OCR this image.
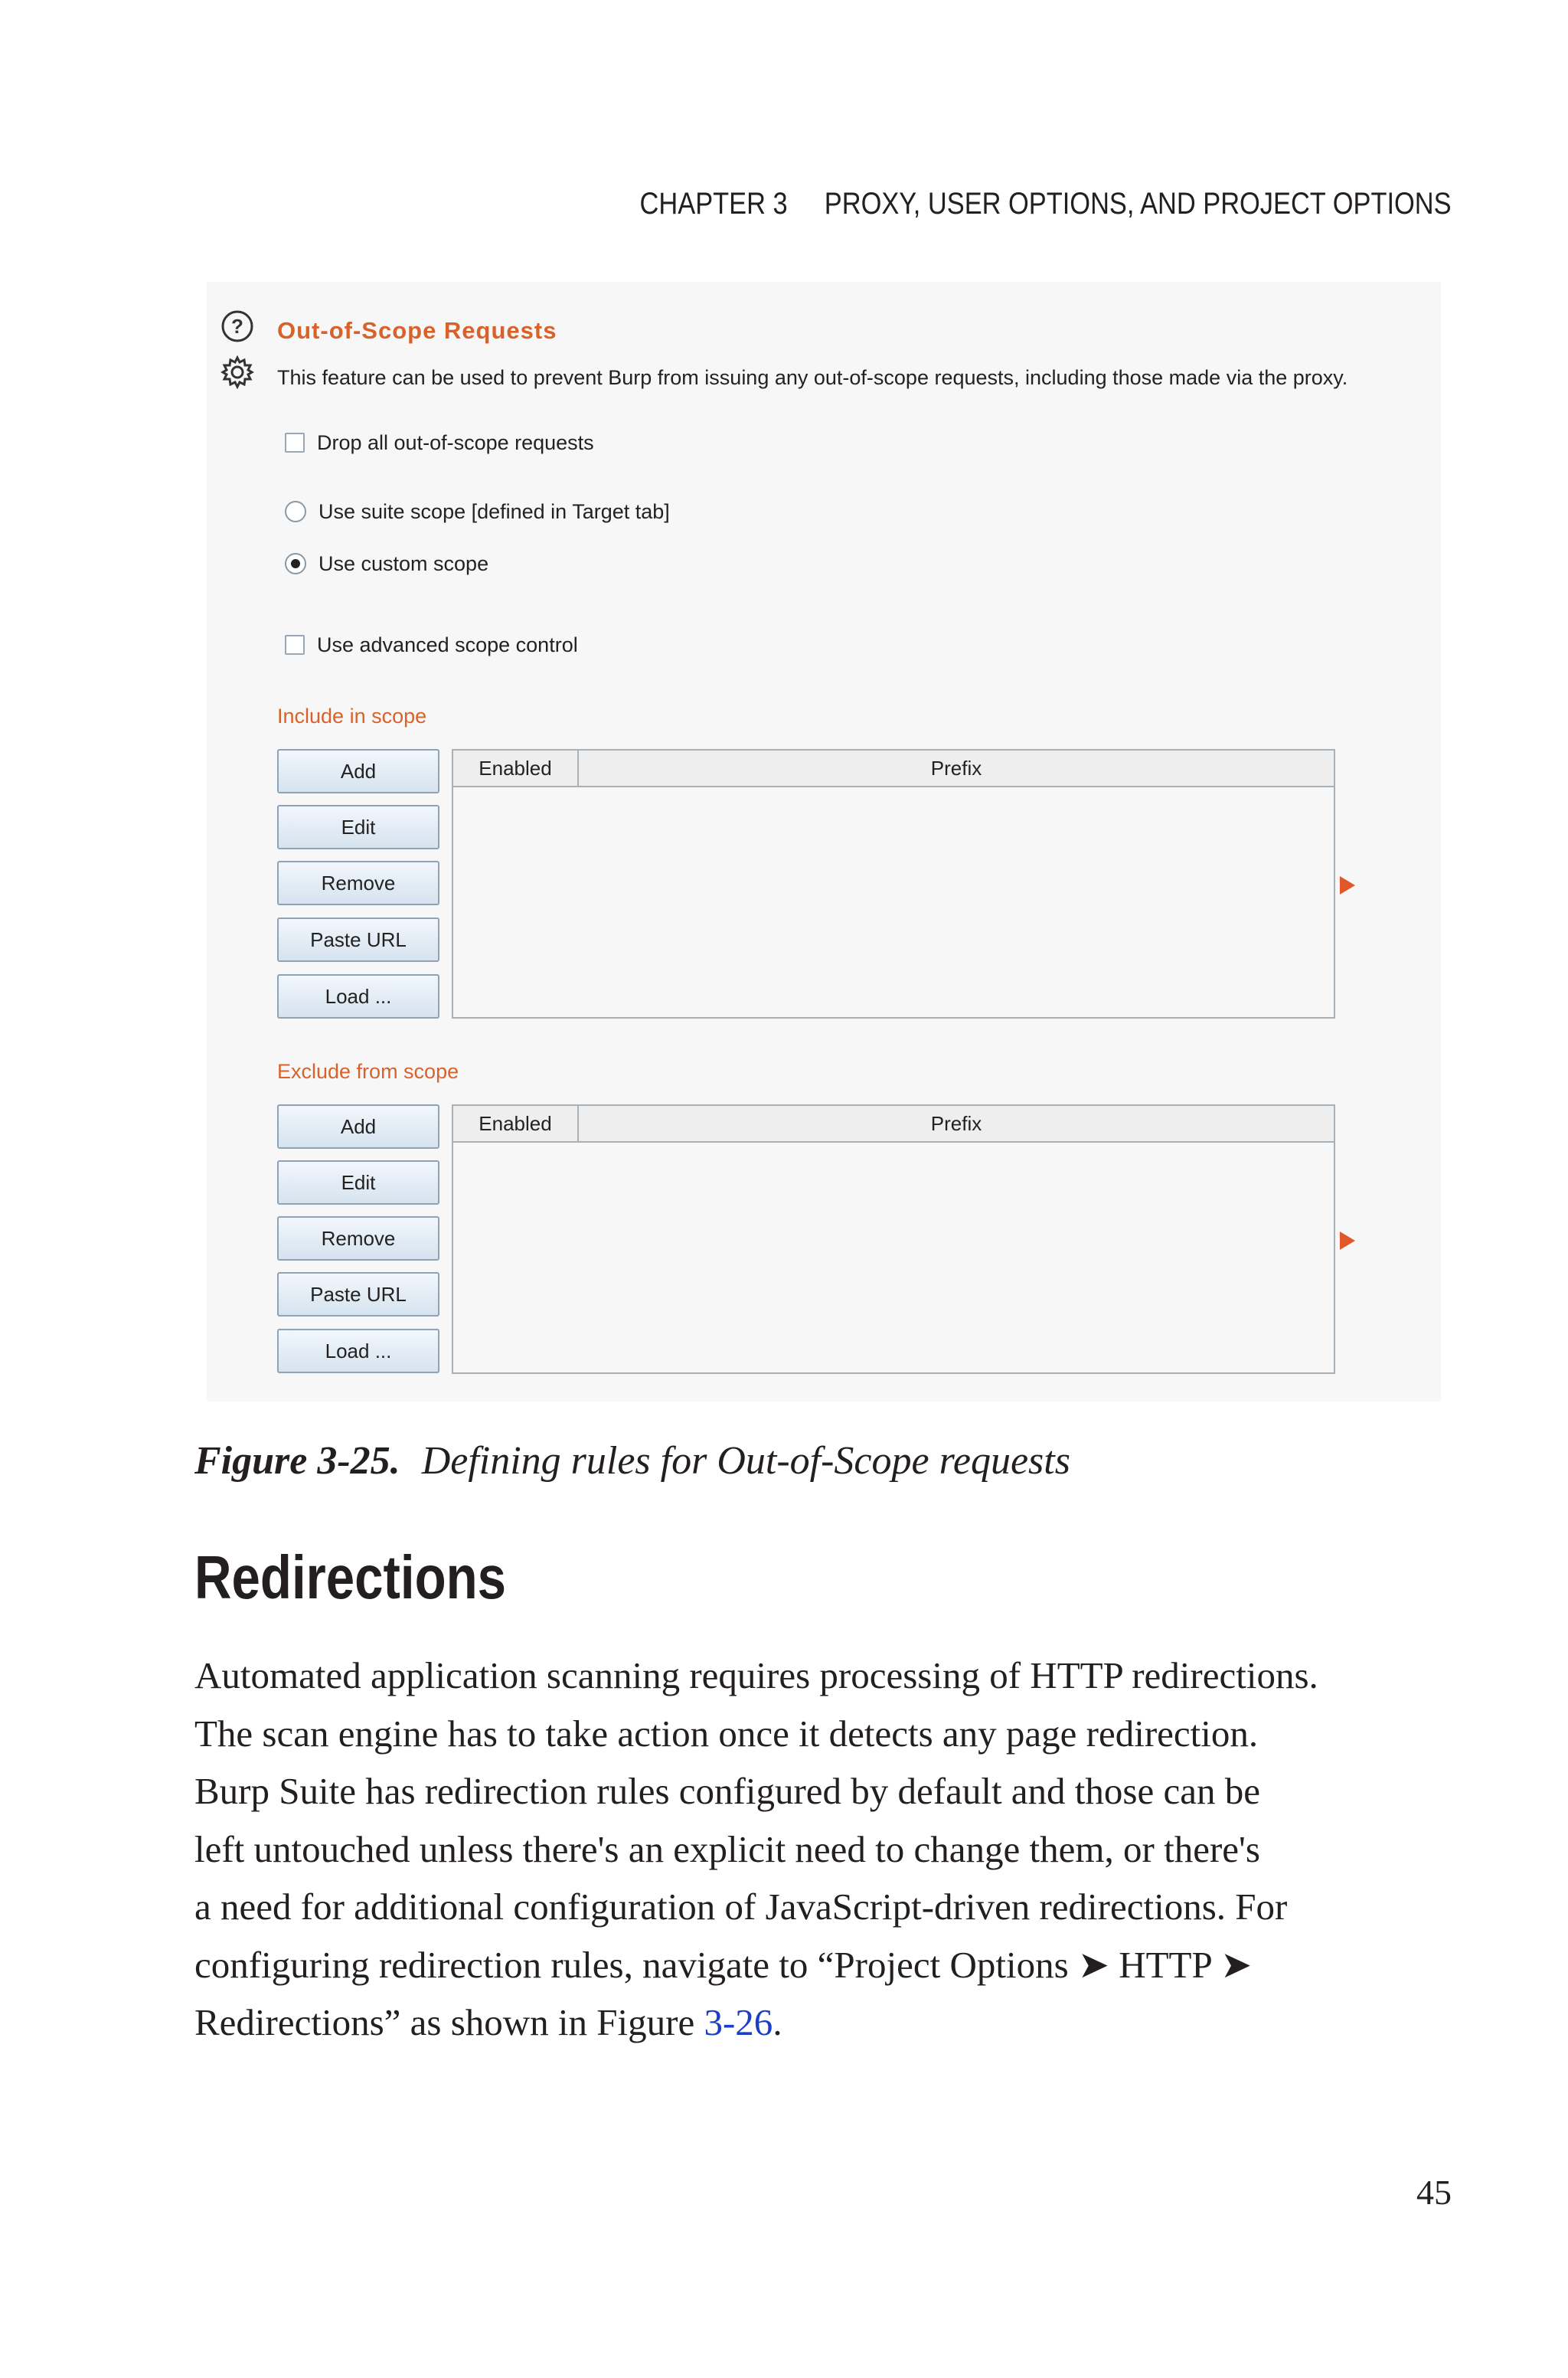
CHAPTER 3 PROXY, USER OPTIONS, AND PROJECT OPTIONS
? Out-of-Scope Requests
This feature can be used to prevent Burp from issuing any out-of-scope requests, including those made via the proxy.
Drop all out-of-scope requests
Use suite scope [defined in Target tab]
Use custom scope
Use advanced scope control
Include in scope
Add
Edit
Remove
Paste URL
Load ...
Enabled	Prefix
Exclude from scope
Add
Edit
Remove
Paste URL
Load ...
Enabled	Prefix
Figure 3-25. Defining rules for Out-of-Scope requests
Redirections
Automated application scanning requires processing of HTTP redirections.
The scan engine has to take action once it detects any page redirection.
Burp Suite has redirection rules configured by default and those can be
left untouched unless there's an explicit need to change them, or there's
a need for additional configuration of JavaScript-driven redirections. For
configuring redirection rules, navigate to “Project Options ➤ HTTP ➤
Redirections” as shown in Figure 3-26.
45
